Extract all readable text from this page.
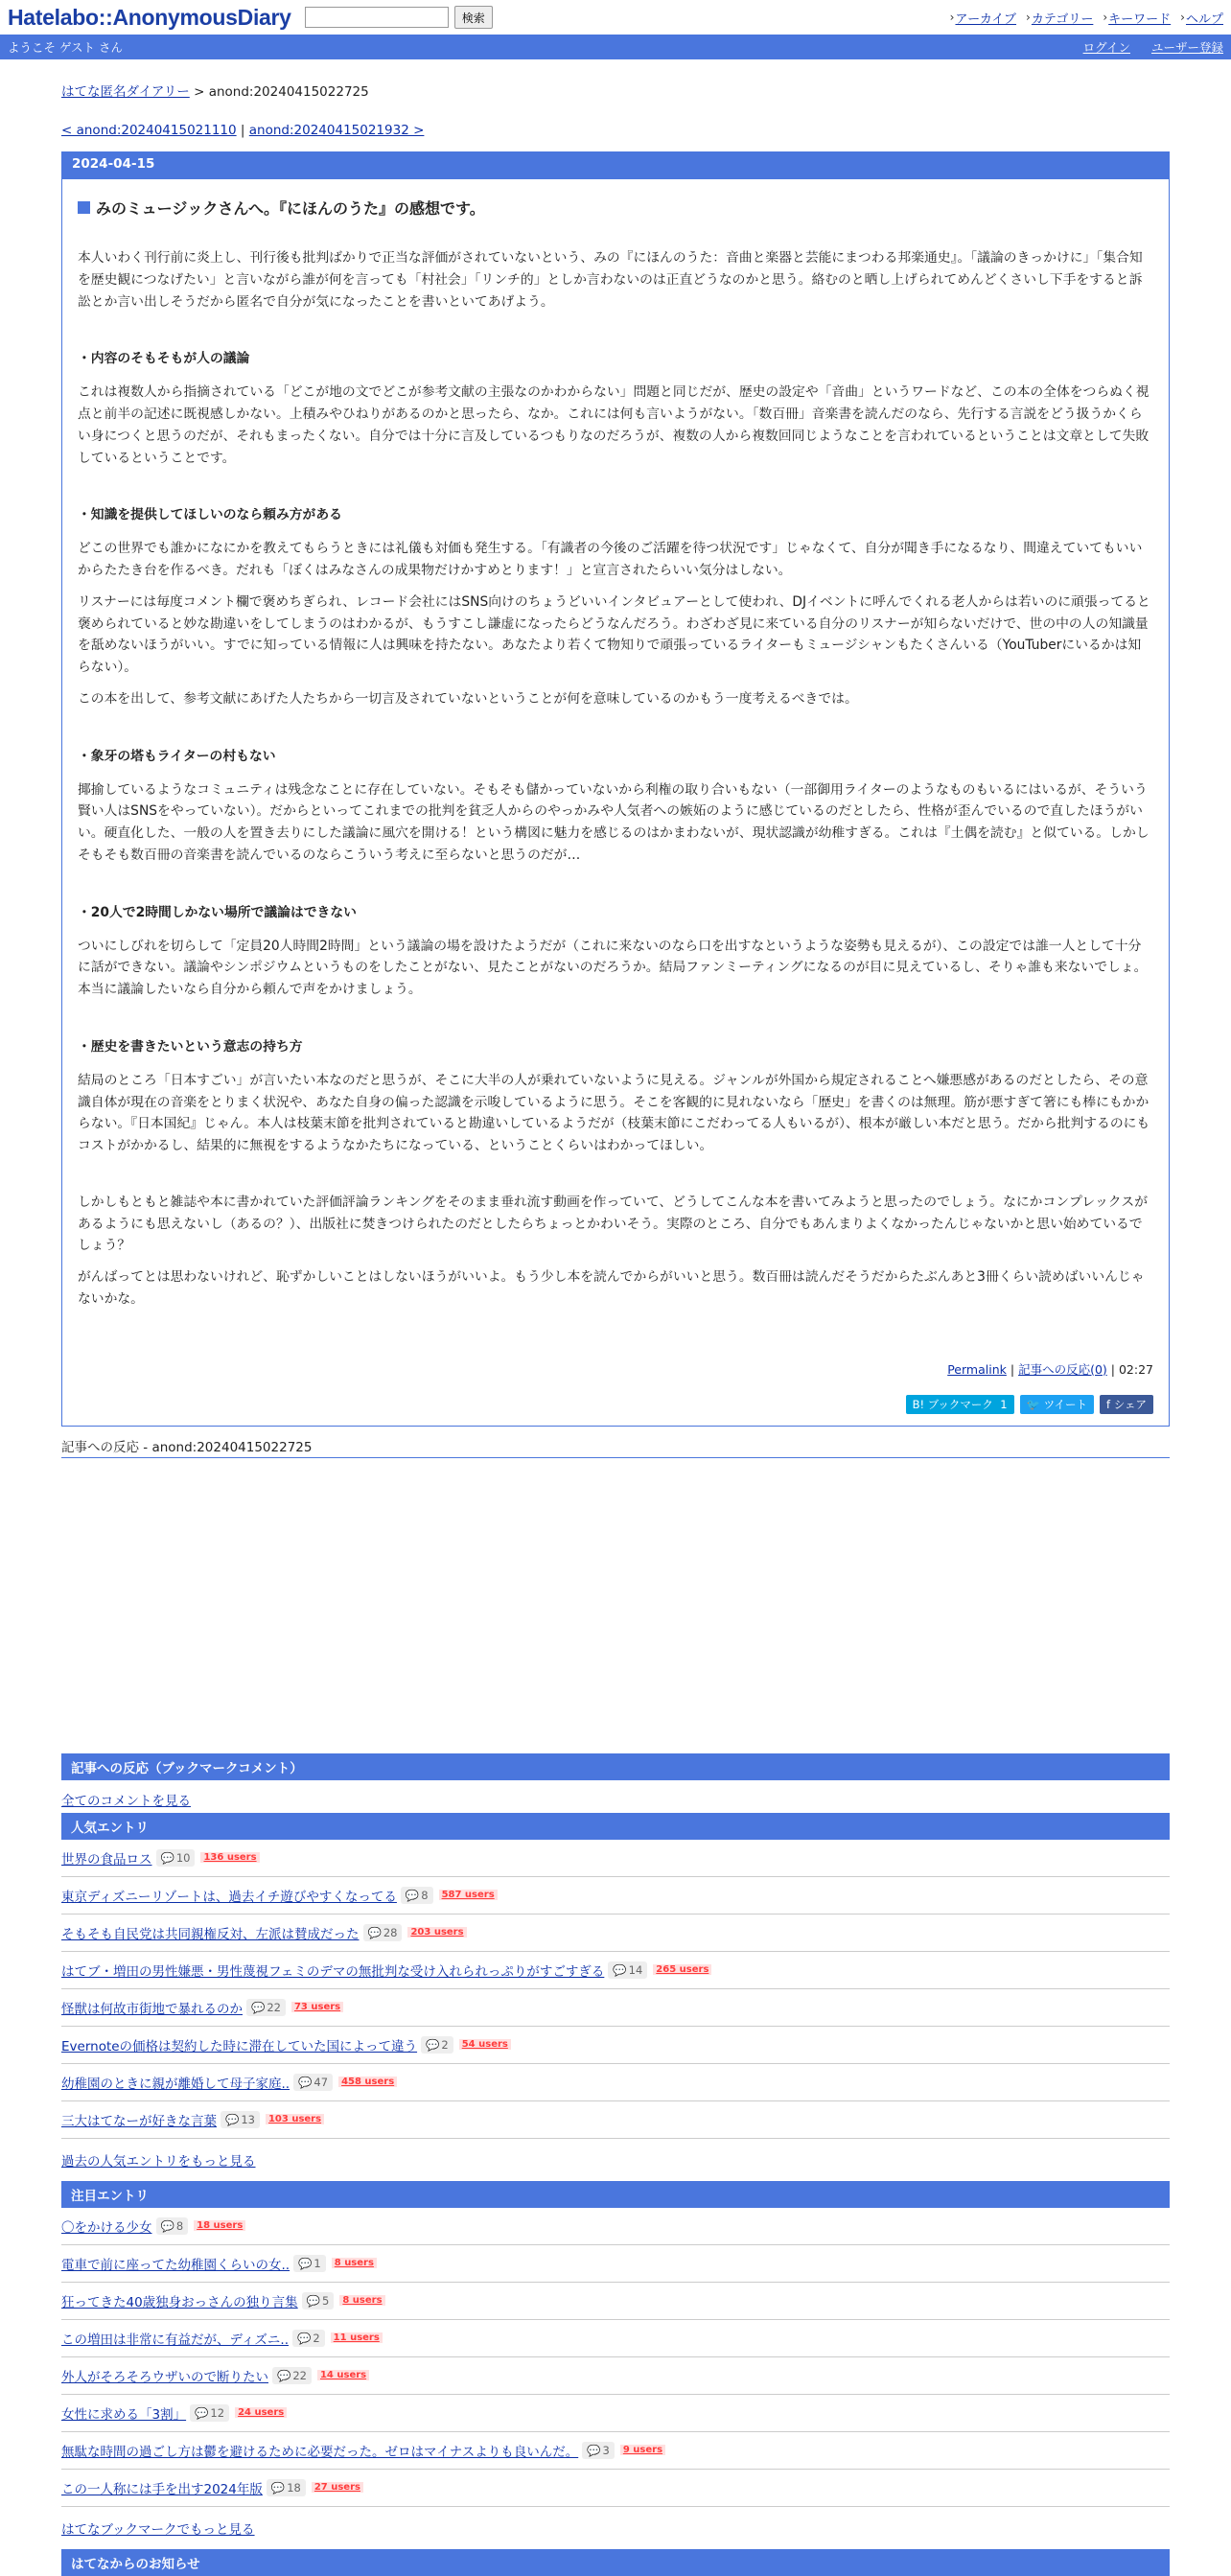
Hatelabo::AnonymousDiary	検索	› アーカイブ › カテゴリー › キーワード › ヘルプ
ようこそ ゲスト さん	ログイン ユーザー登録
はてな匿名ダイアリー > anond:20240415022725
< anond:20240415021110 | anond:20240415021932 >
2024-04-15
みのミュージックさんへ。『にほんのうた』の感想です。

本人いわく刊行前に炎上し、刊行後も批判ばかりで正当な評価がされていないという、みの『にほんのうた：音曲と楽器と芸能にまつわる邦楽通史』。「議論のきっかけに」「集合知を歴史観につなげたい」と言いながら誰が何を言っても「村社会」「リンチ的」としか言わないのは正直どうなのかと思う。絡むのと晒し上げられてめんどくさいし下手をすると訴訟とか言い出しそうだから匿名で自分が気になったことを書いといてあげよう。

・内容のそもそもが人の議論

これは複数人から指摘されている「どこが地の文でどこが参考文献の主張なのかわからない」問題と同じだが、歴史の設定や「音曲」というワードなど、この本の全体をつらぬく視点と前半の記述に既視感しかない。上積みやひねりがあるのかと思ったら、なか。これには何も言いようがない。「数百冊」音楽書を読んだのなら、先行する言説をどう扱うかくらい身につくと思うのだが、それもまったくない。自分では十分に言及しているつもりなのだろうが、複数の人から複数回同じようなことを言われているということは文章として失敗しているということです。

・知識を提供してほしいのなら頼み方がある

どこの世界でも誰かになにかを教えてもらうときには礼儀も対価も発生する。「有識者の今後のご活躍を待つ状況です」じゃなくて、自分が聞き手になるなり、間違えていてもいいからたたき台を作るべき。だれも「ぼくはみなさんの成果物だけかすめとります！」と宣言されたらいい気分はしない。

リスナーには毎度コメント欄で褒めちぎられ、レコード会社にはSNS向けのちょうどいいインタビュアーとして使われ、DJイベントに呼んでくれる老人からは若いのに頑張ってると褒められていると妙な勘違いをしてしまうのはわかるが、もうすこし謙虚になったらどうなんだろう。わざわざ見に来ている自分のリスナーが知らないだけで、世の中の人の知識量を舐めないほうがいい。すでに知っている情報に人は興味を持たない。あなたより若くて物知りで頑張っているライターもミュージシャンもたくさんいる（YouTuberにいるかは知らない）。

この本を出して、参考文献にあげた人たちから一切言及されていないということが何を意味しているのかもう一度考えるべきでは。

・象牙の塔もライターの村もない

揶揄しているようなコミュニティは残念なことに存在していない。そもそも儲かっていないから利権の取り合いもない（一部御用ライターのようなものもいるにはいるが、そういう賢い人はSNSをやっていない）。だからといってこれまでの批判を貧乏人からのやっかみや人気者への嫉妬のように感じているのだとしたら、性格が歪んでいるので直したほうがいい。硬直化した、一般の人を置き去りにした議論に風穴を開ける！という構図に魅力を感じるのはかまわないが、現状認識が幼稚すぎる。これは『土偶を読む』と似ている。しかしそもそも数百冊の音楽書を読んでいるのならこういう考えに至らないと思うのだが…

・20人で2時間しかない場所で議論はできない

ついにしびれを切らして「定員20人時間2時間」という議論の場を設けたようだが（これに来ないのなら口を出すなというような姿勢も見えるが）、この設定では誰一人として十分に話ができない。議論やシンポジウムというものをしたことがない、見たことがないのだろうか。結局ファンミーティングになるのが目に見えているし、そりゃ誰も来ないでしょ。本当に議論したいなら自分から頼んで声をかけましょう。

・歴史を書きたいという意志の持ち方

結局のところ「日本すごい」が言いたい本なのだと思うが、そこに大半の人が乗れていないように見える。ジャンルが外国から規定されることへ嫌悪感があるのだとしたら、その意識自体が現在の音楽をとりまく状況や、あなた自身の偏った認識を示唆しているように思う。そこを客観的に見れないなら「歴史」を書くのは無理。筋が悪すぎて箸にも棒にもかからない。『日本国紀』じゃん。本人は枝葉末節を批判されていると勘違いしているようだが（枝葉末節にこだわってる人もいるが）、根本が厳しい本だと思う。だから批判するのにもコストがかかるし、結果的に無視をするようなかたちになっている、ということくらいはわかってほしい。

しかしもともと雑誌や本に書かれていた評価評論ランキングをそのまま垂れ流す動画を作っていて、どうしてこんな本を書いてみようと思ったのでしょう。なにかコンプレックスがあるようにも思えないし（あるの？）、出版社に焚きつけられたのだとしたらちょっとかわいそう。実際のところ、自分でもあんまりよくなかったんじゃないかと思い始めているでしょう？

がんばってとは思わないけれど、恥ずかしいことはしないほうがいいよ。もう少し本を読んでからがいいと思う。数百冊は読んだそうだからたぶんあと3冊くらい読めばいいんじゃないかな。

Permalink | 記事への反応(0) | 02:27
B! ブックマーク
1 🐦
ツイート f
シェア
記事への反応 - anond:20240415022725
記事への反応（ブックマークコメント）
全てのコメントを見る
人気エントリ
世界の食品ロス 💬 10	136 users
東京ディズニーリゾートは、過去イチ遊びやすくなってる 💬 8	587 users
そもそも自民党は共同親権反対、左派は賛成だった 💬 28	203 users
はてブ・増田の男性嫌悪・男性蔑視フェミのデマの無批判な受け入れられっぷりがすごすぎる 💬 14	265 users
怪獣は何故市街地で暴れるのか 💬 22	73 users
Evernoteの価格は契約した時に滞在していた国によって違う 💬 2	54 users
幼稚園のときに親が離婚して母子家庭.. 💬 47	458 users
三大はてなーが好きな言葉 💬 13	103 users
過去の人気エントリをもっと見る
注目エントリ
〇をかける少女 💬 8	18 users
電車で前に座ってた幼稚園くらいの女.. 💬 1	8 users
狂ってきた40歳独身おっさんの独り言集 💬 5	8 users
この増田は非常に有益だが、ディズニ.. 💬 2	11 users
外人がそろそろウザいので断りたい 💬 22	14 users
女性に求める「3割」 💬 12	24 users
無駄な時間の過ごし方は鬱を避けるために必要だった。ゼロはマイナスよりも良いんだ。 💬 3	9 users
この一人称には手を出す2024年版 💬 18	27 users
はてなブックマークでもっと見る
はてなからのお知らせ
